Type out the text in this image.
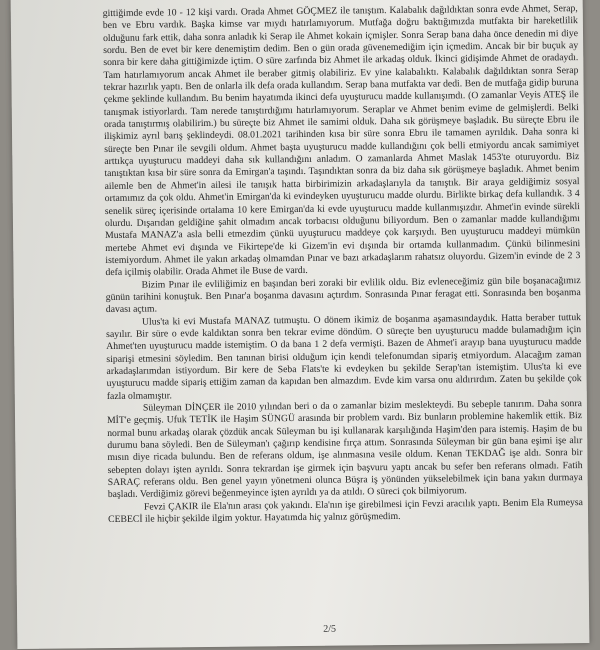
gittiğimde evde 10 - 12 kişi vardı. Orada Ahmet GÖÇMEZ ile tanıştım. Kalabalık dağıldıktan sonra evde Ahmet, Serap, ben ve Ebru vardık. Başka kimse var mıydı hatırlamıyorum. Mutfağa doğru baktığımızda mutfakta bir hareketlilik olduğunu fark ettik, daha sonra anladık ki Serap ile Ahmet kokain içmişler. Sonra Serap bana daha önce denedin mi diye sordu. Ben de evet bir kere denemiştim dedim. Ben o gün orada güvenemediğim için içmedim. Ancak bir bir buçuk ay sonra bir kere daha gittiğimizde içtim. O süre zarfında biz Ahmet ile arkadaş olduk. İkinci gidişimde Ahmet de oradaydı. Tam hatırlamıyorum ancak Ahmet ile beraber gitmiş olabiliriz. Ev yine kalabalıktı. Kalabalık dağıldıktan sonra Serap tekrar hazırlık yaptı. Ben de onlarla ilk defa orada kullandım. Serap bana mutfakta var dedi. Ben de mutfağa gidip buruna çekme şeklinde kullandım. Bu benim hayatımda ikinci defa uyuşturucu madde kullanışımdı. (O zamanlar Veyis ATEŞ ile tanışmak istiyorlardı. Tam nerede tanıştırdığımı hatırlamıyorum. Seraplar ve Ahmet benim evime de gelmişlerdi. Belki orada tanıştırmış olabilirim.) bu süreçte biz Ahmet ile samimi olduk. Daha sık görüşmeye başladık. Bu süreçte Ebru ile ilişkimiz ayrıl barış şeklindeydi. 08.01.2021 tarihinden kısa bir süre sonra Ebru ile tamamen ayrıldık. Daha sonra ki süreçte ben Pınar ile sevgili oldum. Ahmet başta uyuşturucu madde kullandığını çok belli etmiyordu ancak samimiyet arttıkça uyuşturucu maddeyi daha sık kullandığını anladım. O zamanlarda Ahmet Maslak 1453'te oturuyordu. Biz tanıştıktan kısa bir süre sonra da Emirgan'a taşındı. Taşındıktan sonra da biz daha sık görüşmeye başladık. Ahmet benim ailemle ben de Ahmet'in ailesi ile tanışık hatta birbirimizin arkadaşlarıyla da tanıştık. Bir araya geldiğimiz sosyal ortamımız da çok oldu. Ahmet'in Emirgan'da ki evindeyken uyuşturucu madde olurdu. Birlikte birkaç defa kullandık. 3 4 senelik süreç içerisinde ortalama 10 kere Emirgan'da ki evde uyuşturucu madde kullanmışızdır. Ahmet'in evinde sürekli olurdu. Dışarıdan geldiğine şahit olmadım ancak torbacısı olduğunu biliyordum. Ben o zamanlar madde kullandığımı Mustafa MANAZ'a asla belli etmezdim çünkü uyuşturucu maddeye çok karşıydı. Ben uyuşturucu maddeyi mümkün mertebe Ahmet evi dışında ve Fikirtepe'de ki Gizem'in evi dışında bir ortamda kullanmadım. Çünkü bilinmesini istemiyordum. Ahmet ile yakın arkadaş olmamdan Pınar ve bazı arkadaşlarım rahatsız oluyordu. Gizem'in evinde de 2 3 defa içilmiş olabilir. Orada Ahmet ile Buse de vardı.

Bizim Pınar ile evliliğimiz en başından beri zoraki bir evlilik oldu. Biz evleneceğimiz gün bile boşanacağımız günün tarihini konuştuk. Ben Pınar'a boşanma davasını açtırdım. Sonrasında Pınar feragat etti. Sonrasında ben boşanma davası açtım.

Ulus'ta ki evi Mustafa MANAZ tutmuştu. O dönem ikimiz de boşanma aşamasındaydık. Hatta beraber tuttuk sayılır. Bir süre o evde kaldıktan sonra ben tekrar evime döndüm. O süreçte ben uyuşturucu madde bulamadığım için Ahmet'ten uyuşturucu madde istemiştim. O da bana 1 2 defa vermişti. Bazen de Ahmet'i arayıp bana uyuşturucu madde siparişi etmesini söyledim. Ben tanınan birisi olduğum için kendi telefonumdan sipariş etmiyordum. Alacağım zaman arkadaşlarımdan istiyordum. Bir kere de Seba Flats'te ki evdeyken bu şekilde Serap'tan istemiştim. Ulus'ta ki eve uyuşturucu madde sipariş ettiğim zaman da kapıdan ben almazdım. Evde kim varsa onu aldırırdım. Zaten bu şekilde çok fazla olmamıştır.

Süleyman DİNÇER ile 2010 yılından beri o da o zamanlar bizim meslekteydi. Bu sebeple tanırım. Daha sonra MİT'e geçmiş. Ufuk TETİK ile Haşim SÜNGÜ arasında bir problem vardı. Biz bunların problemine hakemlik ettik. Biz normal bunu arkadaş olarak çözdük ancak Süleyman bu işi kullanarak karşılığında Haşim'den para istemiş. Haşim de bu durumu bana söyledi. Ben de Süleyman'ı çağırıp kendisine fırça attım. Sonrasında Süleyman bir gün bana eşimi işe alır mısın diye ricada bulundu. Ben de referans oldum, işe alınmasına vesile oldum. Kenan TEKDAĞ işe aldı. Sonra bir sebepten dolayı işten ayrıldı. Sonra tekrardan işe girmek için başvuru yaptı ancak bu sefer ben referans olmadı. Fatih SARAÇ referans oldu. Ben genel yayın yönetmeni olunca Büşra iş yönünden yükselebilmek için bana yakın durmaya başladı. Verdiğimiz görevi beğenmeyince işten ayrıldı ya da atıldı. O süreci çok bilmiyorum.

Fevzi ÇAKIR ile Ela'nın arası çok yakındı. Ela'nın işe girebilmesi için Fevzi aracılık yaptı. Benim Ela Rumeysa CEBECİ ile hiçbir şekilde ilgim yoktur. Hayatımda hiç yalnız görüşmedim.

2/5
